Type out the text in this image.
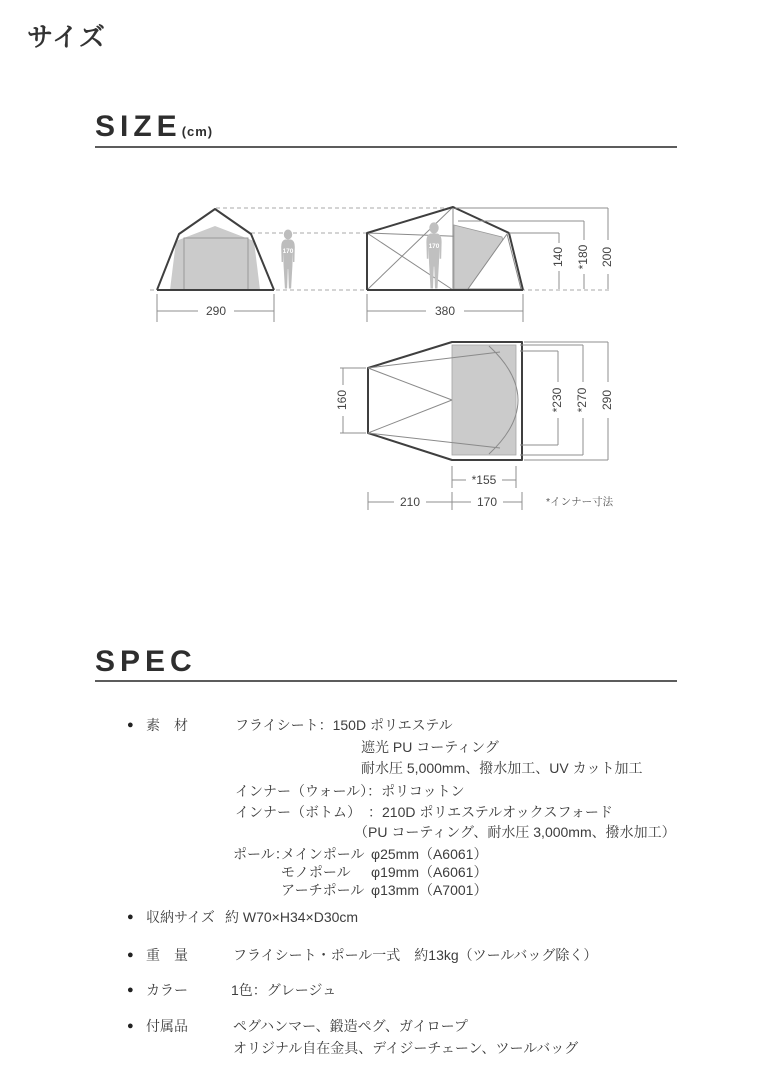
サイズ
SIZE(cm)
170
170
140 *180 200
290	380
160	*230 *270 290
*155
210	170	*インナー寸法
SPEC
● 素　材	フライシート：150D ポリエステル
遮光 PU コーティング
耐水圧 5,000mm、撥水加工、UV カット加工
インナー（ウォール）：ポリコットン
インナー（ボトム）　：210D ポリエステルオックスフォード
（PU コーティング、耐水圧 3,000mm、撥水加工）
ポール：
メインポール φ25mm（A6061）
モノポール φ19mm（A6061）
アーチポール φ13mm（A7001）
● 収納サイズ 約 W70×H34×D30cm
● 重　量	フライシート・ポール一式　約13kg（ツールバッグ除く）
● カラー	1色：グレージュ
● 付属品	ペグハンマー、鍛造ペグ、ガイロープ
オリジナル自在金具、デイジーチェーン、ツールバッグ
